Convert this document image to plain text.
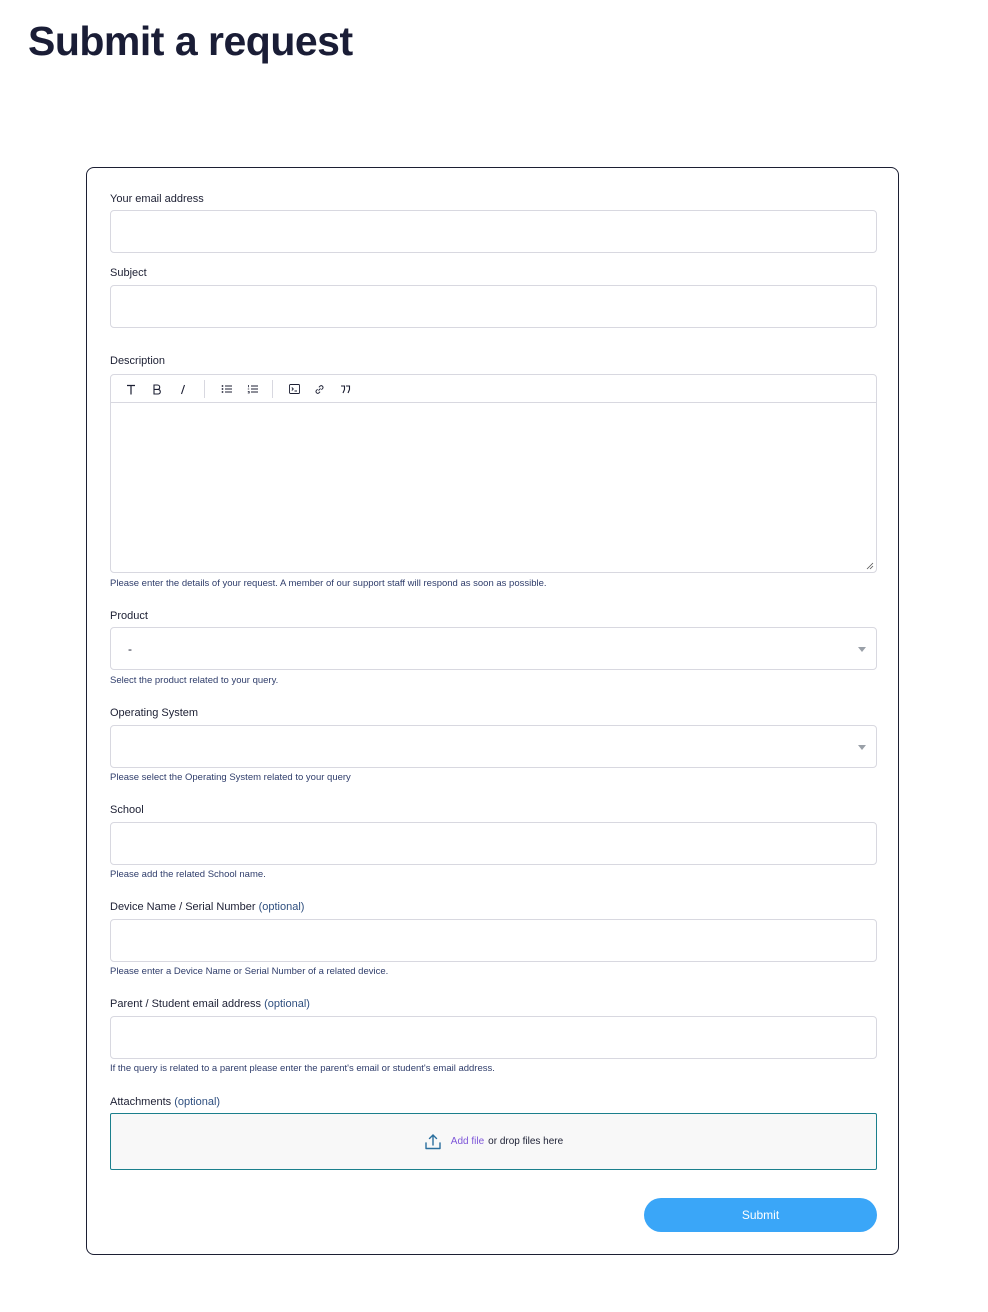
Submit a request
Your email address
Subject
Description
Please enter the details of your request. A member of our support staff will respond as soon as possible.
Product
-
Select the product related to your query.
Operating System
Please select the Operating System related to your query
School
Please add the related School name.
Device Name / Serial Number (optional)
Please enter a Device Name or Serial Number of a related device.
Parent / Student email address (optional)
If the query is related to a parent please enter the parent's email or student's email address.
Attachments (optional)
Add file or drop files here
Submit
